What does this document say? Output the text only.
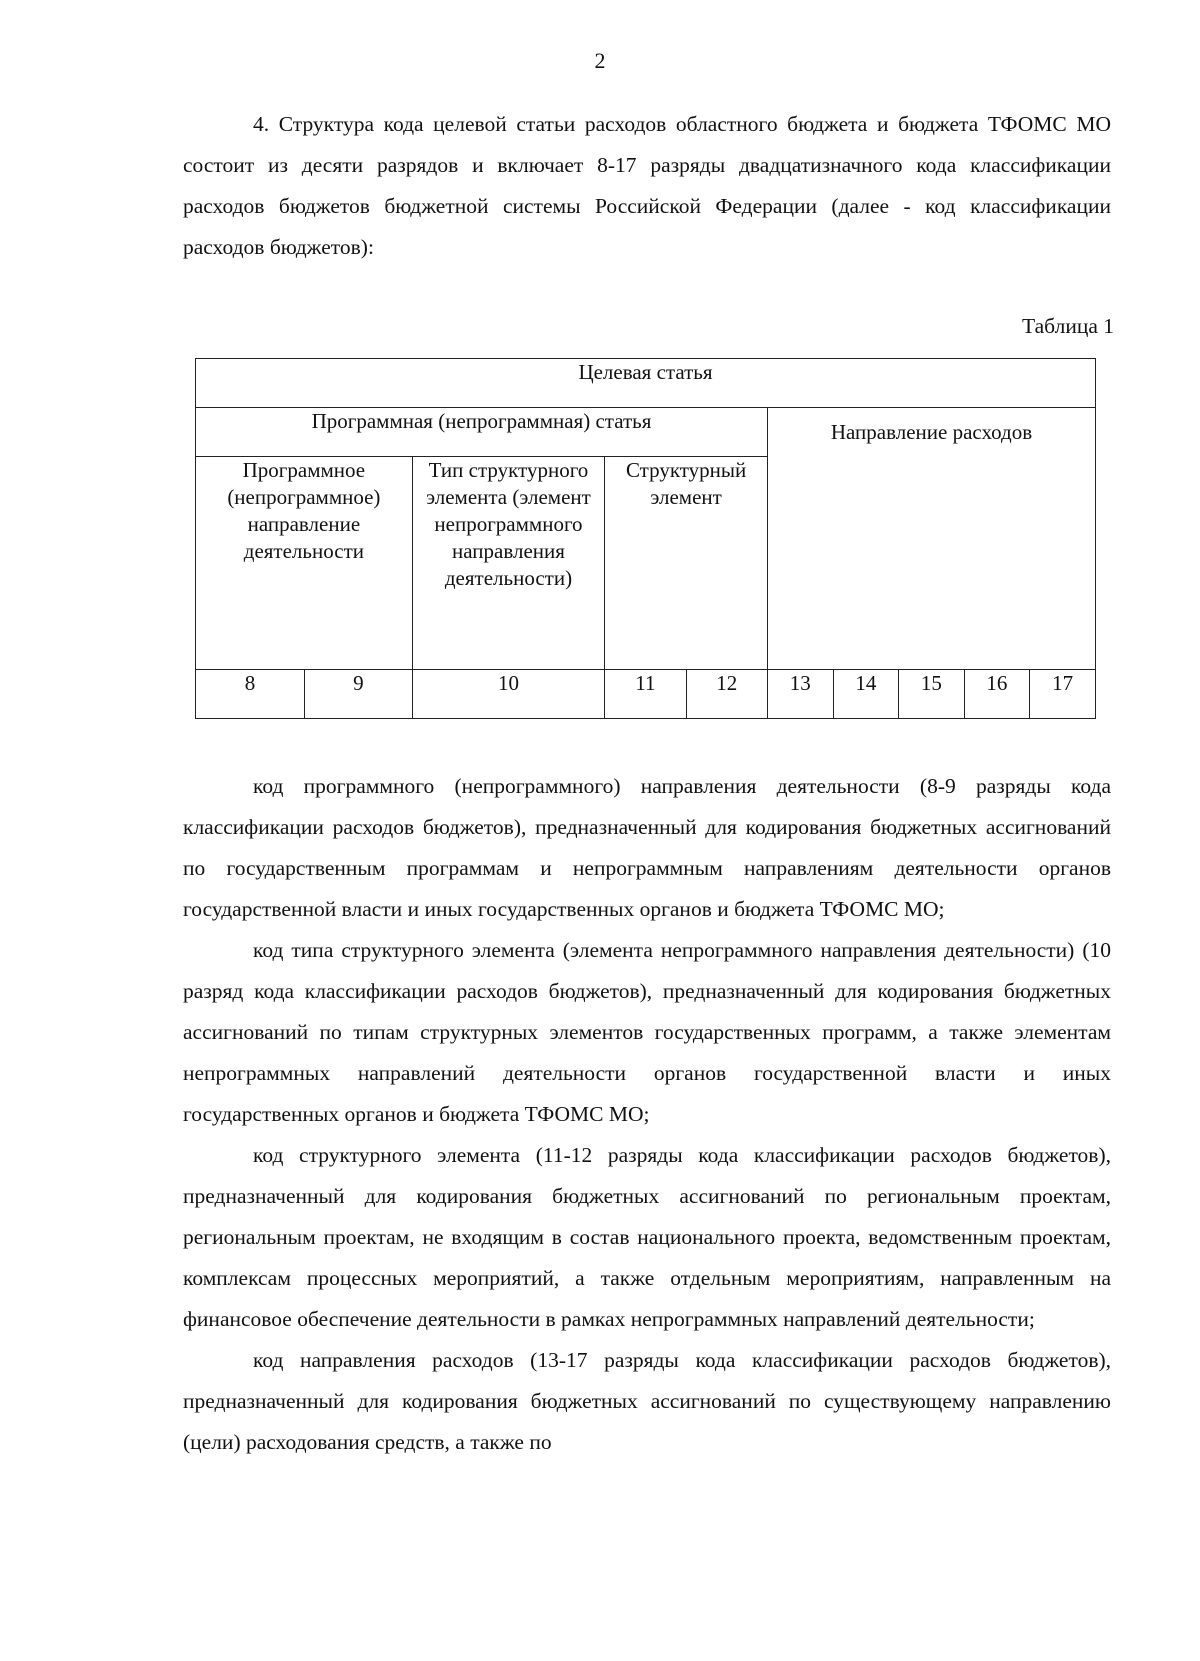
2

4. Структура кода целевой статьи расходов областного бюджета и бюджета ТФОМС МО состоит из десяти разрядов и включает 8-17 разряды двадцатизначного кода классификации расходов бюджетов бюджетной системы Российской Федерации (далее - код классификации расходов бюджетов):

Таблица 1
Целевая статья									
Программная (непрограммная) статья					Направление расходов				
Программное (непрограммное) направление деятельности		Тип структурного элемента (элемент непрограммного направления деятельности)	Структурный элемент						
8	9	10	11	12	13	14	15	16	17

код программного (непрограммного) направления деятельности (8-9 разряды кода классификации расходов бюджетов), предназначенный для кодирования бюджетных ассигнований по государственным программам и непрограммным направлениям деятельности органов государственной власти и иных государственных органов и бюджета ТФОМС МО;

код типа структурного элемента (элемента непрограммного направления деятельности) (10 разряд кода классификации расходов бюджетов), предназначенный для кодирования бюджетных ассигнований по типам структурных элементов государственных программ, а также элементам непрограммных направлений деятельности органов государственной власти и иных государственных органов и бюджета ТФОМС МО;

код структурного элемента (11-12 разряды кода классификации расходов бюджетов), предназначенный для кодирования бюджетных ассигнований по региональным проектам, региональным проектам, не входящим в состав национального проекта, ведомственным проектам, комплексам процессных мероприятий, а также отдельным мероприятиям, направленным на финансовое обеспечение деятельности в рамках непрограммных направлений деятельности;

код направления расходов (13-17 разряды кода классификации расходов бюджетов), предназначенный для кодирования бюджетных ассигнований по существующему направлению (цели) расходования средств, а также по
